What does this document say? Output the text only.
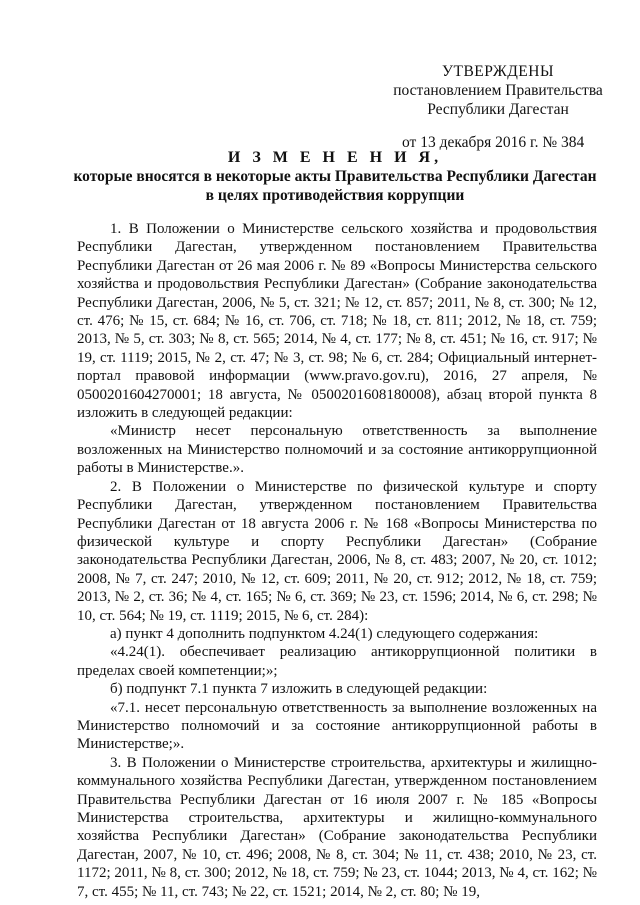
УТВЕРЖДЕНЫ
постановлением Правительства
Республики Дагестан
от 13 декабря 2016 г. № 384
И З М Е Н Е Н И Я,
которые вносятся в некоторые акты Правительства Республики Дагестан
в целях противодействия коррупции

1. В Положении о Министерстве сельского хозяйства и продовольствия Республики Дагестан, утвержденном постановлением Правительства Республики Дагестан от 26 мая 2006 г. № 89 «Вопросы Министерства сельского хозяйства и продовольствия Республики Дагестан» (Собрание законодательства Республики Дагестан, 2006, № 5, ст. 321; № 12, ст. 857; 2011, № 8, ст. 300; № 12, ст. 476; № 15, ст. 684; № 16, ст. 706, ст. 718; № 18, ст. 811; 2012, № 18, ст. 759; 2013, № 5, ст. 303; № 8, ст. 565; 2014, № 4, ст. 177; № 8, ст. 451; № 16, ст. 917; № 19, ст. 1119; 2015, № 2, ст. 47; № 3, ст. 98; № 6, ст. 284; Официальный интернет-портал правовой информации (www.pravo.gov.ru), 2016, 27 апреля, № 0500201604270001; 18 августа, № 0500201608180008), абзац второй пункта 8 изложить в следующей редакции:

«Министр несет персональную ответственность за выполнение возложенных на Министерство полномочий и за состояние антикоррупционной работы в Министерстве.».

2. В Положении о Министерстве по физической культуре и спорту Республики Дагестан, утвержденном постановлением Правительства Республики Дагестан от 18 августа 2006 г. № 168 «Вопросы Министерства по физической культуре и спорту Республики Дагестан» (Собрание законодательства Республики Дагестан, 2006, № 8, ст. 483; 2007, № 20, ст. 1012; 2008, № 7, ст. 247; 2010, № 12, ст. 609; 2011, № 20, ст. 912; 2012, № 18, ст. 759; 2013, № 2, ст. 36; № 4, ст. 165; № 6, ст. 369; № 23, ст. 1596; 2014, № 6, ст. 298; № 10, ст. 564; № 19, ст. 1119; 2015, № 6, ст. 284):

а) пункт 4 дополнить подпунктом 4.24(1) следующего содержания:

«4.24(1). обеспечивает реализацию антикоррупционной политики в пределах своей компетенции;»;

б) подпункт 7.1 пункта 7 изложить в следующей редакции:

«7.1. несет персональную ответственность за выполнение возложенных на Министерство полномочий и за состояние антикоррупционной работы в Министерстве;».

3. В Положении о Министерстве строительства, архитектуры и жилищно-коммунального хозяйства Республики Дагестан, утвержденном постановлением Правительства Республики Дагестан от 16 июля 2007 г. № 185 «Вопросы Министерства строительства, архитектуры и жилищно-коммунального хозяйства Республики Дагестан» (Собрание законодательства Республики Дагестан, 2007, № 10, ст. 496; 2008, № 8, ст. 304; № 11, ст. 438; 2010, № 23, ст. 1172; 2011, № 8, ст. 300; 2012, № 18, ст. 759; № 23, ст. 1044; 2013, № 4, ст. 162; № 7, ст. 455; № 11, ст. 743; № 22, ст. 1521; 2014, № 2, ст. 80; № 19,
